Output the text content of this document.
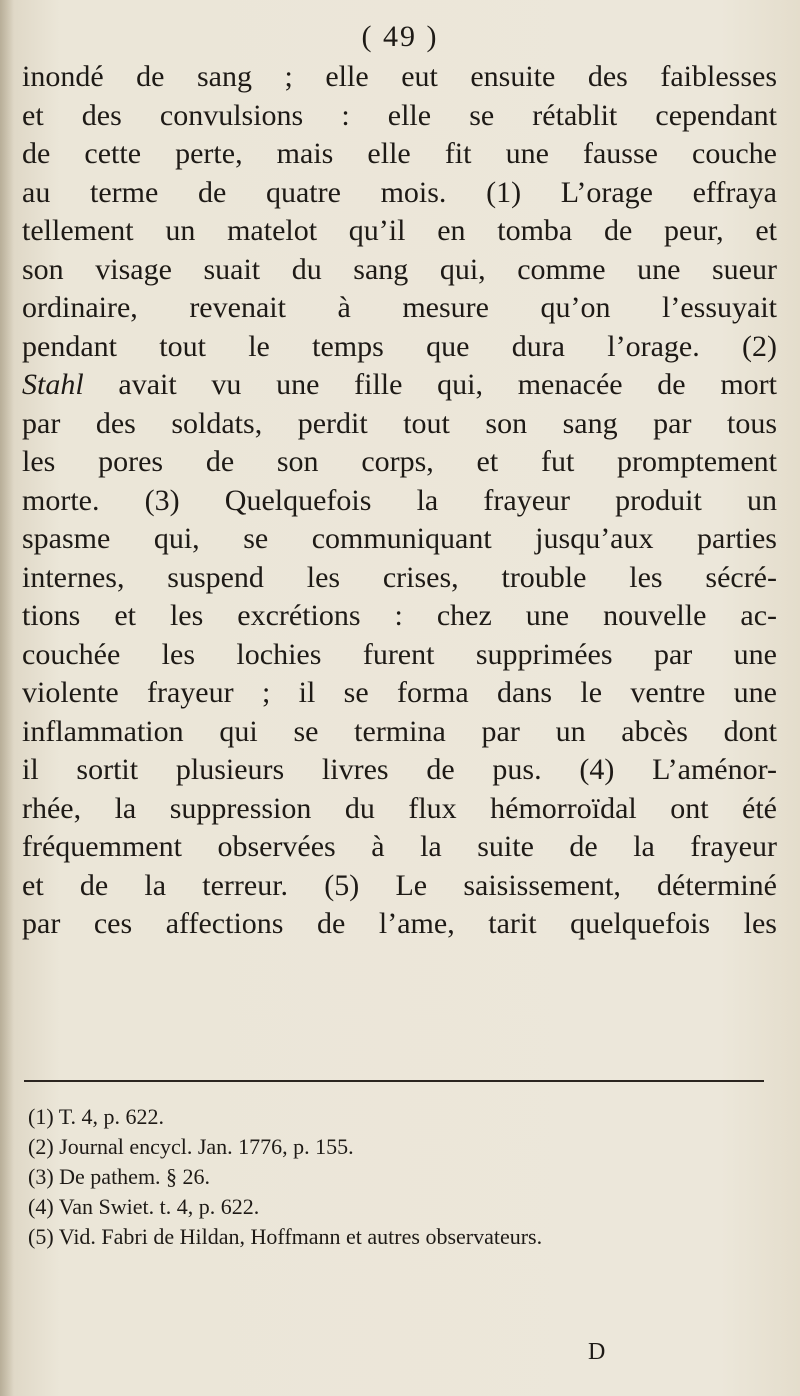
( 49 )
inondé de sang ; elle eut ensuite des faiblesses
et des convulsions : elle se rétablit cependant
de cette perte, mais elle fit une fausse couche
au terme de quatre mois. (1) L’orage effraya
tellement un matelot qu’il en tomba de peur, et
son visage suait du sang qui, comme une sueur
ordinaire, revenait à mesure qu’on l’essuyait
pendant tout le temps que dura l’orage. (2)
Stahl avait vu une fille qui, menacée de mort
par des soldats, perdit tout son sang par tous
les pores de son corps, et fut promptement
morte. (3) Quelquefois la frayeur produit un
spasme qui, se communiquant jusqu’aux parties
internes, suspend les crises, trouble les sécré-
tions et les excrétions : chez une nouvelle ac-
couchée les lochies furent supprimées par une
violente frayeur ; il se forma dans le ventre une
inflammation qui se termina par un abcès dont
il sortit plusieurs livres de pus. (4) L’aménor-
rhée, la suppression du flux hémorroïdal ont été
fréquemment observées à la suite de la frayeur
et de la terreur. (5) Le saisissement, déterminé
par ces affections de l’ame, tarit quelquefois les
(1) T. 4, p. 622.
(2) Journal encycl. Jan. 1776, p. 155.
(3) De pathem. § 26.
(4) Van Swiet. t. 4, p. 622.
(5) Vid. Fabri de Hildan, Hoffmann et autres observateurs.
D
